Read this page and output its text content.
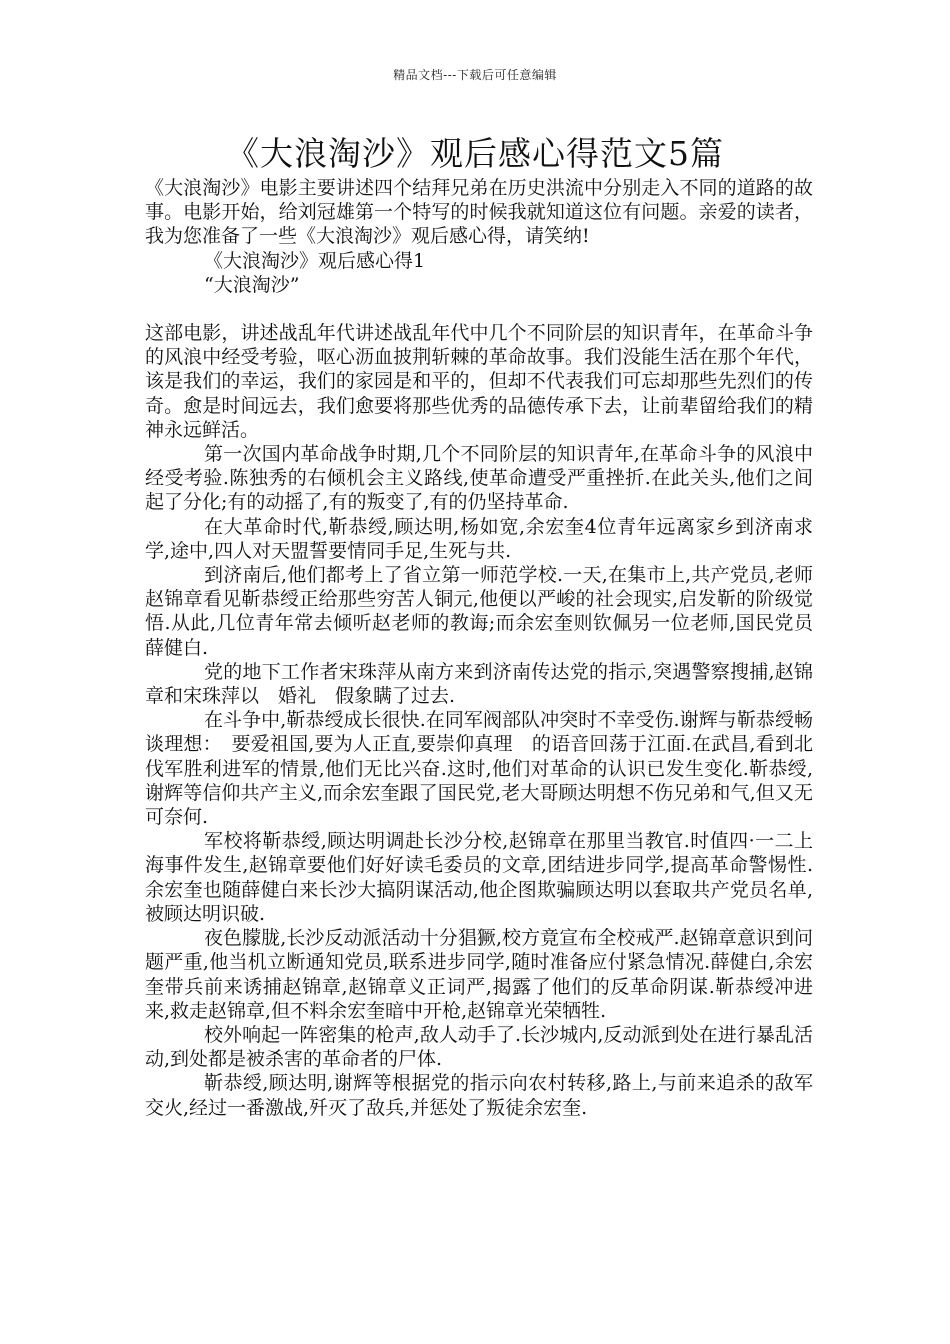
精品文档---下载后可任意编辑
《大浪淘沙》观后感心得范文5篇

《大浪淘沙》电影主要讲述四个结拜兄弟在历史洪流中分别走入不同的道路的故事。电影开始，给刘冠雄第一个特写的时候我就知道这位有问题。亲爱的读者，我为您准备了一些《大浪淘沙》观后感心得，请笑纳!

《大浪淘沙》观后感心得1

“大浪淘沙”

这部电影，讲述战乱年代讲述战乱年代中几个不同阶层的知识青年，在革命斗争的风浪中经受考验，呕心沥血披荆斩棘的革命故事。我们没能生活在那个年代，该是我们的幸运，我们的家园是和平的，但却不代表我们可忘却那些先烈们的传奇。愈是时间远去，我们愈要将那些优秀的品德传承下去，让前辈留给我们的精神永远鲜活。

第一次国内革命战争时期,几个不同阶层的知识青年,在革命斗争的风浪中经受考验.陈独秀的右倾机会主义路线,使革命遭受严重挫折.在此关头,他们之间起了分化;有的动摇了,有的叛变了,有的仍坚持革命.

在大革命时代,靳恭绶,顾达明,杨如宽,余宏奎4位青年远离家乡到济南求学,途中,四人对天盟誓要情同手足,生死与共.

到济南后,他们都考上了省立第一师范学校.一天,在集市上,共产党员,老师赵锦章看见靳恭绶正给那些穷苦人铜元,他便以严峻的社会现实,启发靳的阶级觉悟.从此,几位青年常去倾听赵老师的教诲;而余宏奎则钦佩另一位老师,国民党员薛健白.

党的地下工作者宋珠萍从南方来到济南传达党的指示,突遇警察搜捕,赵锦章和宋珠萍以　婚礼　假象瞒了过去.

在斗争中,靳恭绶成长很快.在同军阀部队冲突时不幸受伤.谢辉与靳恭绶畅谈理想：　要爱祖国,要为人正直,要崇仰真理　的语音回荡于江面.在武昌,看到北伐军胜利进军的情景,他们无比兴奋.这时,他们对革命的认识已发生变化.靳恭绶,谢辉等信仰共产主义,而余宏奎跟了国民党,老大哥顾达明想不伤兄弟和气,但又无可奈何.

军校将靳恭绶,顾达明调赴长沙分校,赵锦章在那里当教官.时值四·一二上海事件发生,赵锦章要他们好好读毛委员的文章,团结进步同学,提高革命警惕性.余宏奎也随薛健白来长沙大搞阴谋活动,他企图欺骗顾达明以套取共产党员名单,被顾达明识破.

夜色朦胧,长沙反动派活动十分猖獗,校方竟宣布全校戒严.赵锦章意识到问题严重,他当机立断通知党员,联系进步同学,随时准备应付紧急情况.薛健白,余宏奎带兵前来诱捕赵锦章,赵锦章义正词严,揭露了他们的反革命阴谋.靳恭绶冲进来,救走赵锦章,但不料余宏奎暗中开枪,赵锦章光荣牺牲.

校外响起一阵密集的枪声,敌人动手了.长沙城内,反动派到处在进行暴乱活动,到处都是被杀害的革命者的尸体.

靳恭绶,顾达明,谢辉等根据党的指示向农村转移,路上,与前来追杀的敌军交火,经过一番激战,歼灭了敌兵,并惩处了叛徒余宏奎.
